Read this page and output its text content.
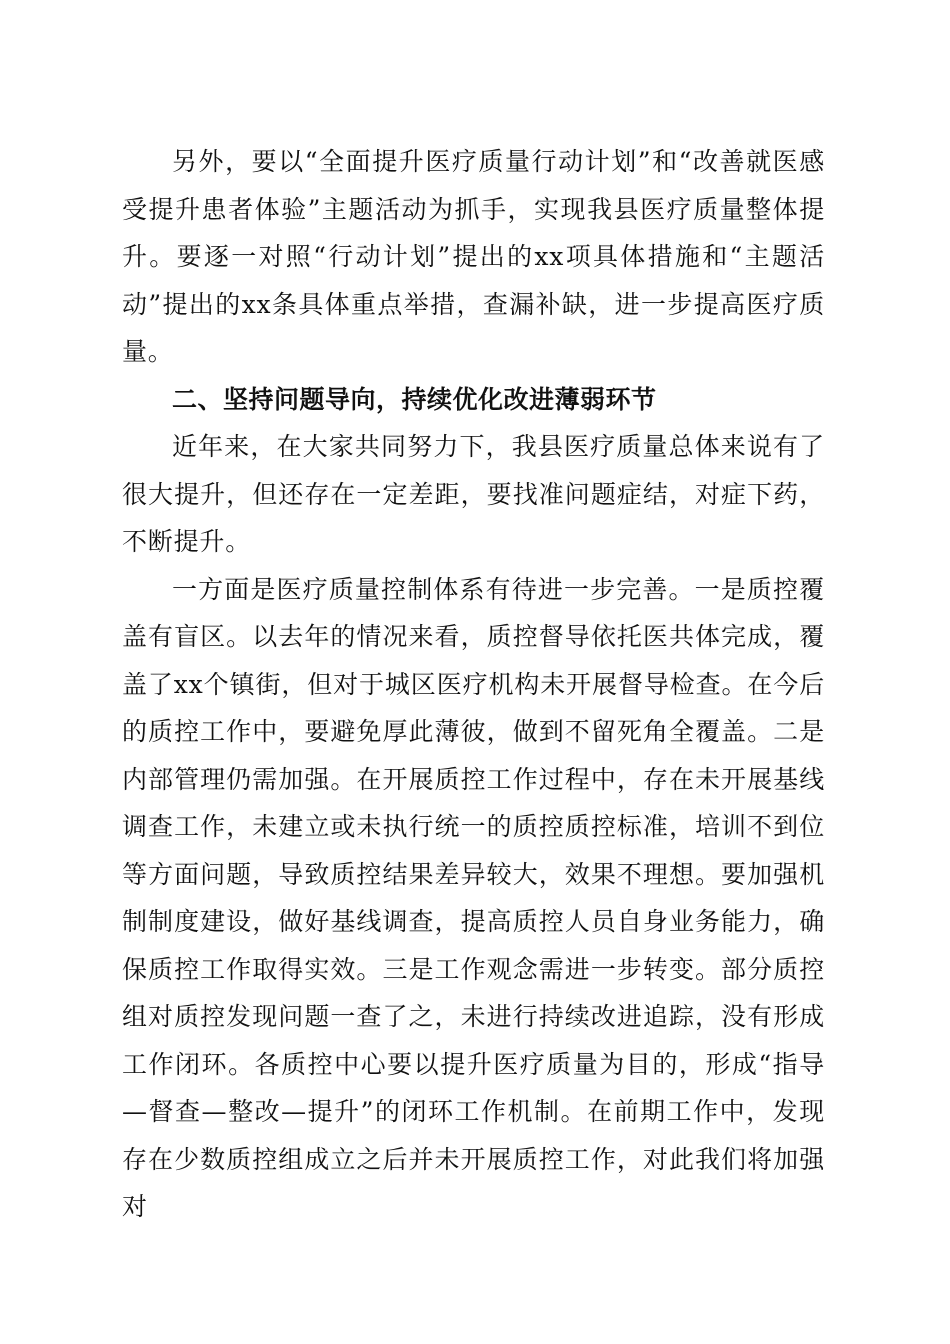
另外，要以“全面提升医疗质量行动计划”和“改善就医感受提升患者体验”主题活动为抓手，实现我县医疗质量整体提升。要逐一对照“行动计划”提出的xx项具体措施和“主题活动”提出的xx条具体重点举措，查漏补缺，进一步提高医疗质量。

二、坚持问题导向，持续优化改进薄弱环节

近年来，在大家共同努力下，我县医疗质量总体来说有了很大提升，但还存在一定差距，要找准问题症结，对症下药，不断提升。

一方面是医疗质量控制体系有待进一步完善。一是质控覆盖有盲区。以去年的情况来看，质控督导依托医共体完成，覆盖了xx个镇街，但对于城区医疗机构未开展督导检查。在今后的质控工作中，要避免厚此薄彼，做到不留死角全覆盖。二是内部管理仍需加强。在开展质控工作过程中，存在未开展基线调查工作，未建立或未执行统一的质控质控标准，培训不到位等方面问题，导致质控结果差异较大，效果不理想。要加强机制制度建设，做好基线调查，提高质控人员自身业务能力，确保质控工作取得实效。三是工作观念需进一步转变。部分质控组对质控发现问题一查了之，未进行持续改进追踪，没有形成工作闭环。各质控中心要以提升医疗质量为目的，形成“指导—督查—整改—提升”的闭环工作机制。在前期工作中，发现存在少数质控组成立之后并未开展质控工作，对此我们将加强对
